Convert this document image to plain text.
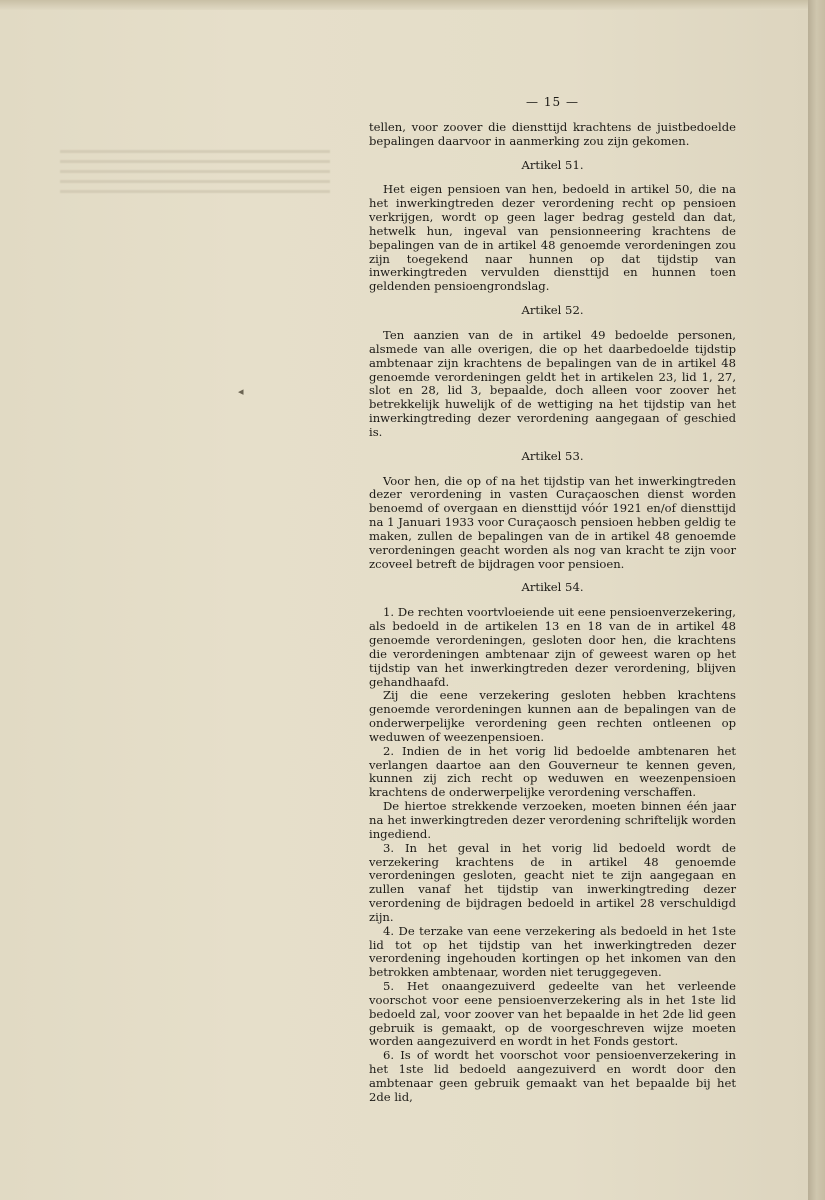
◂
— 15 —

tellen, voor zoover die diensttijd krachtens de juistbedoelde bepalingen daarvoor in aanmerking zou zijn gekomen.

Artikel 51.

Het eigen pensioen van hen, bedoeld in artikel 50, die na het inwerkingtreden dezer verordening recht op pensioen verkrijgen, wordt op geen lager bedrag gesteld dan dat, hetwelk hun, ingeval van pensionneering krachtens de bepalingen van de in artikel 48 genoemde verordeningen zou zijn toegekend naar hunnen op dat tijdstip van inwerkingtreden vervulden diensttijd en hunnen toen geldenden pensioengrondslag.

Artikel 52.

Ten aanzien van de in artikel 49 bedoelde personen, alsmede van alle overigen, die op het daarbedoelde tijdstip ambtenaar zijn krachtens de bepalingen van de in artikel 48 genoemde verordeningen geldt het in artikelen 23, lid 1, 27, slot en 28, lid 3, bepaalde, doch alleen voor zoover het betrekkelijk huwelijk of de wettiging na het tijdstip van het inwerkingtreding dezer verordening aangegaan of geschied is.

Artikel 53.

Voor hen, die op of na het tijdstip van het inwerkingtreden dezer verordening in vasten Curaçaoschen dienst worden benoemd of overgaan en diensttijd vóór 1921 en/of diensttijd na 1 Januari 1933 voor Curaçaosch pensioen hebben geldig te maken, zullen de bepalingen van de in artikel 48 genoemde verordeningen geacht worden als nog van kracht te zijn voor zcoveel betreft de bijdragen voor pensioen.

Artikel 54.

1. De rechten voortvloeiende uit eene pensioenverzekering, als bedoeld in de artikelen 13 en 18 van de in artikel 48 genoemde verordeningen, gesloten door hen, die krachtens die verordeningen ambtenaar zijn of geweest waren op het tijdstip van het inwerkingtreden dezer verordening, blijven gehandhaafd.

Zij die eene verzekering gesloten hebben krachtens genoemde verordeningen kunnen aan de bepalingen van de onderwerpelijke verordening geen rechten ontleenen op weduwen of weezenpensioen.

2. Indien de in het vorig lid bedoelde ambtenaren het verlangen daartoe aan den Gouverneur te kennen geven, kunnen zij zich recht op weduwen en weezenpensioen krachtens de onderwerpelijke verordening verschaffen.

De hiertoe strekkende verzoeken, moeten binnen één jaar na het inwerkingtreden dezer verordening schriftelijk worden ingediend.

3. In het geval in het vorig lid bedoeld wordt de verzekering krachtens de in artikel 48 genoemde verordeningen gesloten, geacht niet te zijn aangegaan en zullen vanaf het tijdstip van inwerkingtreding dezer verordening de bijdragen bedoeld in artikel 28 verschuldigd zijn.

4. De terzake van eene verzekering als bedoeld in het 1ste lid tot op het tijdstip van het inwerkingtreden dezer verordening ingehouden kortingen op het inkomen van den betrokken ambtenaar, worden niet teruggegeven.

5. Het onaangezuiverd gedeelte van het verleende voorschot voor eene pensioenverzekering als in het 1ste lid bedoeld zal, voor zoover van het bepaalde in het 2de lid geen gebruik is gemaakt, op de voorgeschreven wijze moeten worden aangezuiverd en wordt in het Fonds gestort.

6. Is of wordt het voorschot voor pensioenverzekering in het 1ste lid bedoeld aangezuiverd en wordt door den ambtenaar geen gebruik gemaakt van het bepaalde bij het 2de lid,
